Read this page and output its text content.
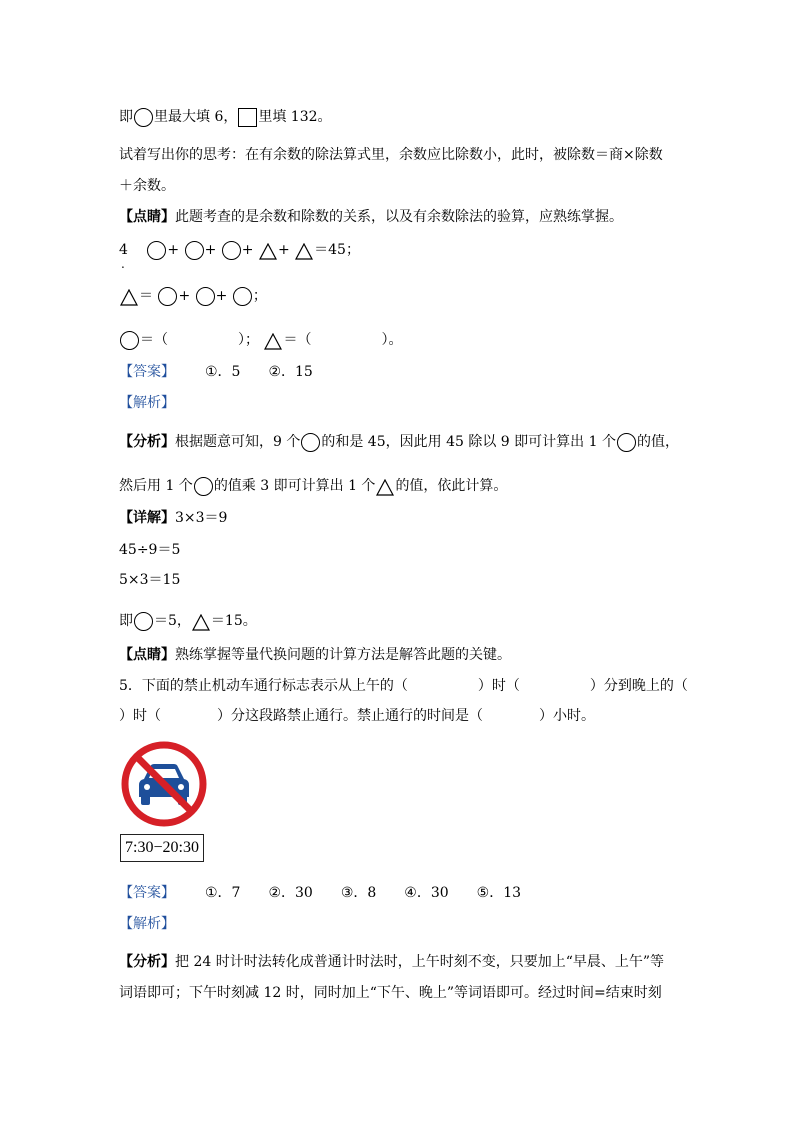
即 里最大填 6， 里填 132。
试着写出你的思考：在有余数的除法算式里，余数应比除数小，此时，被除数＝商×除数
＋余数。
【点睛】此题考查的是余数和除数的关系，以及有余数除法的验算，应熟练掌握。
4	+ + + + ＝45；
.
＝ + + ；
＝（　　　　　）； ＝（　　　　　）。
【答案】 ①．5　　②．15
【解析】
【分析】根据题意可知，9 个 的和是 45，因此用 45 除以 9 即可计算出 1 个 的值，
然后用 1 个 的值乘 3 即可计算出 1 个 的值，依此计算。
【详解】3×3＝9
45÷9＝5
5×3＝15
即 ＝5， ＝15。
【点睛】熟练掌握等量代换问题的计算方法是解答此题的关键。
5．下面的禁止机动车通行标志表示从上午的（　　　　　）时（　　　　　）分到晚上的（
）时（　　　　）分这段路禁止通行。禁止通行的时间是（　　　　）小时。
7:30−20:30
【答案】 ①．7　　②．30　　③．8　　④．30　　⑤．13
【解析】
【分析】把 24 时计时法转化成普通计时法时，上午时刻不变，只要加上“早晨、上午”等
词语即可；下午时刻减 12 时，同时加上“下午、晚上”等词语即可。经过时间=结束时刻
